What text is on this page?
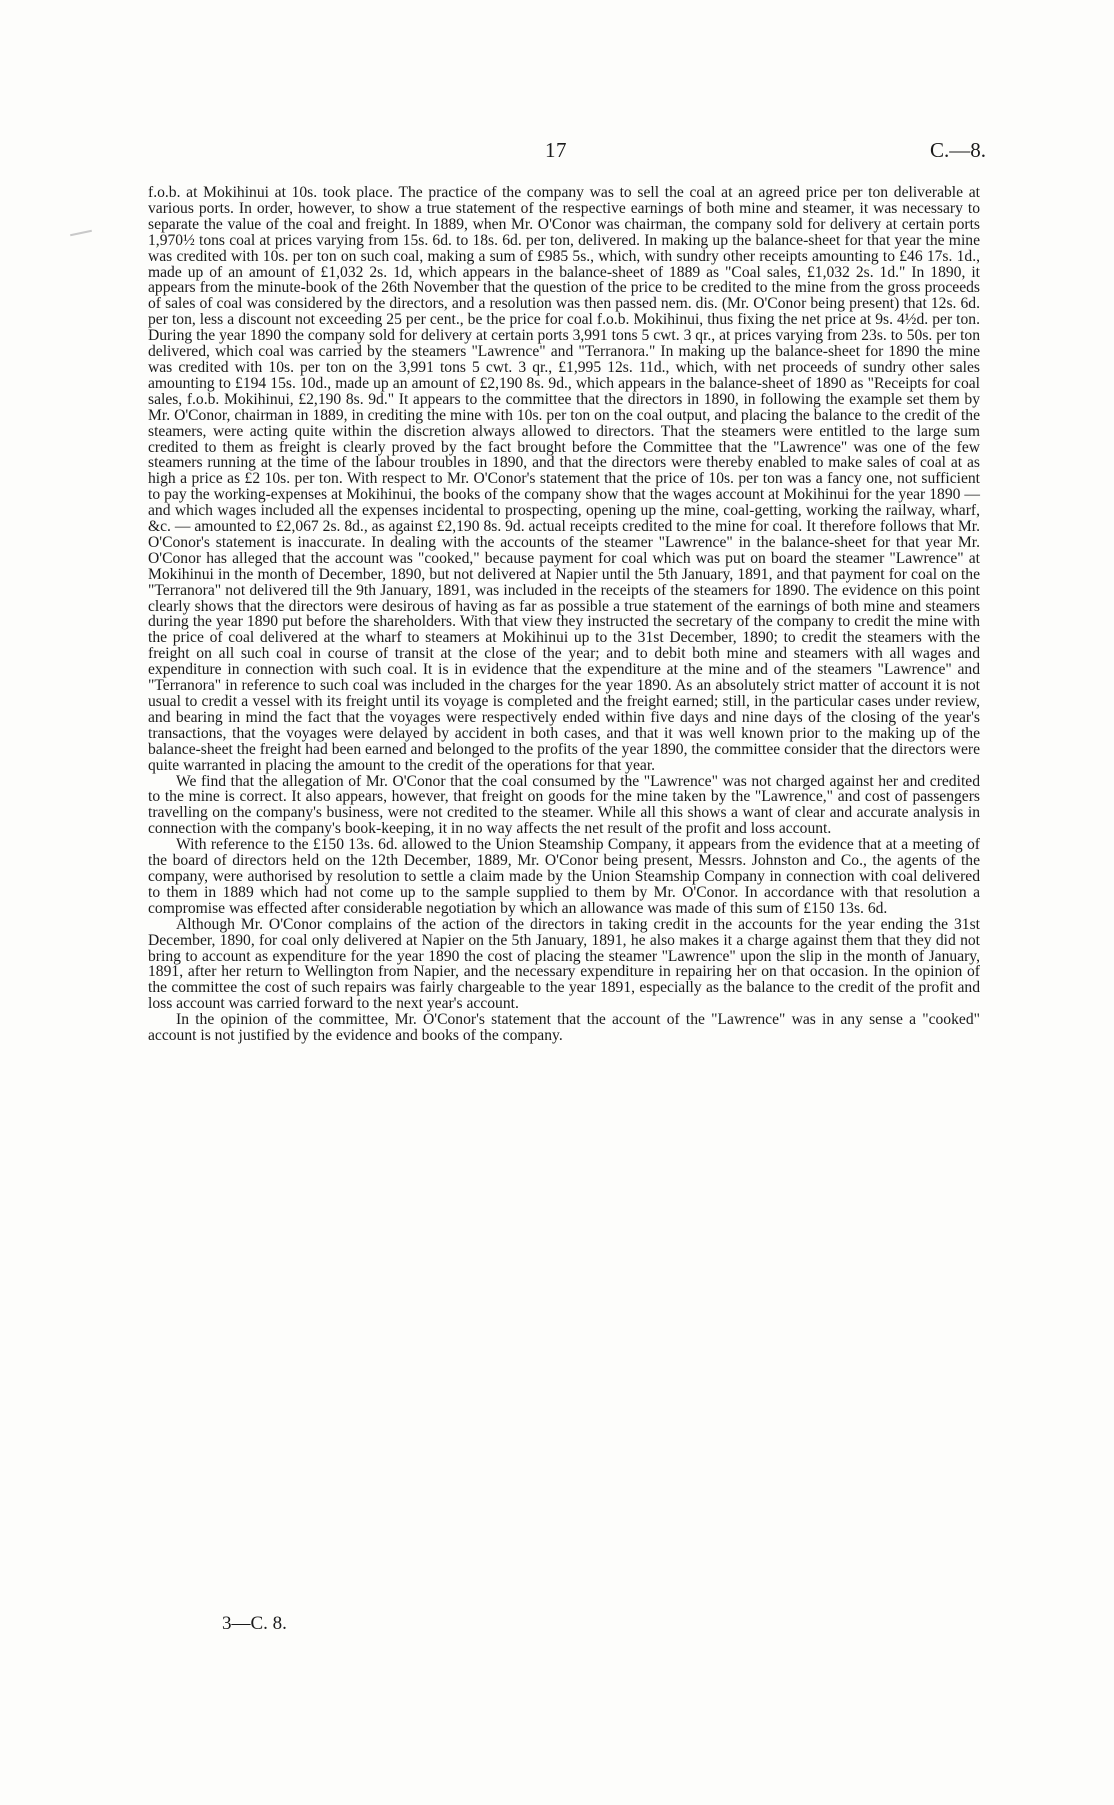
17	C.—8.

f.o.b. at Mokihinui at 10s. took place. The practice of the company was to sell the coal at an agreed price per ton deliverable at various ports. In order, however, to show a true statement of the respective earnings of both mine and steamer, it was necessary to separate the value of the coal and freight. In 1889, when Mr. O'Conor was chairman, the company sold for delivery at certain ports 1,970½ tons coal at prices varying from 15s. 6d. to 18s. 6d. per ton, delivered. In making up the balance-sheet for that year the mine was credited with 10s. per ton on such coal, making a sum of £985 5s., which, with sundry other receipts amounting to £46 17s. 1d., made up of an amount of £1,032 2s. 1d, which appears in the balance-sheet of 1889 as "Coal sales, £1,032 2s. 1d." In 1890, it appears from the minute-book of the 26th November that the question of the price to be credited to the mine from the gross proceeds of sales of coal was considered by the directors, and a resolution was then passed nem. dis. (Mr. O'Conor being present) that 12s. 6d. per ton, less a discount not exceeding 25 per cent., be the price for coal f.o.b. Mokihinui, thus fixing the net price at 9s. 4½d. per ton. During the year 1890 the company sold for delivery at certain ports 3,991 tons 5 cwt. 3 qr., at prices varying from 23s. to 50s. per ton delivered, which coal was carried by the steamers "Lawrence" and "Terranora." In making up the balance-sheet for 1890 the mine was credited with 10s. per ton on the 3,991 tons 5 cwt. 3 qr., £1,995 12s. 11d., which, with net proceeds of sundry other sales amounting to £194 15s. 10d., made up an amount of £2,190 8s. 9d., which appears in the balance-sheet of 1890 as "Receipts for coal sales, f.o.b. Mokihinui, £2,190 8s. 9d." It appears to the committee that the directors in 1890, in following the example set them by Mr. O'Conor, chairman in 1889, in crediting the mine with 10s. per ton on the coal output, and placing the balance to the credit of the steamers, were acting quite within the discretion always allowed to directors. That the steamers were entitled to the large sum credited to them as freight is clearly proved by the fact brought before the Committee that the "Lawrence" was one of the few steamers running at the time of the labour troubles in 1890, and that the directors were thereby enabled to make sales of coal at as high a price as £2 10s. per ton. With respect to Mr. O'Conor's statement that the price of 10s. per ton was a fancy one, not sufficient to pay the working-expenses at Mokihinui, the books of the company show that the wages account at Mokihinui for the year 1890 — and which wages included all the expenses incidental to prospecting, opening up the mine, coal-getting, working the railway, wharf, &c. — amounted to £2,067 2s. 8d., as against £2,190 8s. 9d. actual receipts credited to the mine for coal. It therefore follows that Mr. O'Conor's statement is inaccurate. In dealing with the accounts of the steamer "Lawrence" in the balance-sheet for that year Mr. O'Conor has alleged that the account was "cooked," because payment for coal which was put on board the steamer "Lawrence" at Mokihinui in the month of December, 1890, but not delivered at Napier until the 5th January, 1891, and that payment for coal on the "Terranora" not delivered till the 9th January, 1891, was included in the receipts of the steamers for 1890. The evidence on this point clearly shows that the directors were desirous of having as far as possible a true statement of the earnings of both mine and steamers during the year 1890 put before the shareholders. With that view they instructed the secretary of the company to credit the mine with the price of coal delivered at the wharf to steamers at Mokihinui up to the 31st December, 1890; to credit the steamers with the freight on all such coal in course of transit at the close of the year; and to debit both mine and steamers with all wages and expenditure in connection with such coal. It is in evidence that the expenditure at the mine and of the steamers "Lawrence" and "Terranora" in reference to such coal was included in the charges for the year 1890. As an absolutely strict matter of account it is not usual to credit a vessel with its freight until its voyage is completed and the freight earned; still, in the particular cases under review, and bearing in mind the fact that the voyages were respectively ended within five days and nine days of the closing of the year's transactions, that the voyages were delayed by accident in both cases, and that it was well known prior to the making up of the balance-sheet the freight had been earned and belonged to the profits of the year 1890, the committee consider that the directors were quite warranted in placing the amount to the credit of the operations for that year.

We find that the allegation of Mr. O'Conor that the coal consumed by the "Lawrence" was not charged against her and credited to the mine is correct. It also appears, however, that freight on goods for the mine taken by the "Lawrence," and cost of passengers travelling on the company's business, were not credited to the steamer. While all this shows a want of clear and accurate analysis in connection with the company's book-keeping, it in no way affects the net result of the profit and loss account.

With reference to the £150 13s. 6d. allowed to the Union Steamship Company, it appears from the evidence that at a meeting of the board of directors held on the 12th December, 1889, Mr. O'Conor being present, Messrs. Johnston and Co., the agents of the company, were authorised by resolution to settle a claim made by the Union Steamship Company in connection with coal delivered to them in 1889 which had not come up to the sample supplied to them by Mr. O'Conor. In accordance with that resolution a compromise was effected after considerable negotiation by which an allowance was made of this sum of £150 13s. 6d.

Although Mr. O'Conor complains of the action of the directors in taking credit in the accounts for the year ending the 31st December, 1890, for coal only delivered at Napier on the 5th January, 1891, he also makes it a charge against them that they did not bring to account as expenditure for the year 1890 the cost of placing the steamer "Lawrence" upon the slip in the month of January, 1891, after her return to Wellington from Napier, and the necessary expenditure in repairing her on that occasion. In the opinion of the committee the cost of such repairs was fairly chargeable to the year 1891, especially as the balance to the credit of the profit and loss account was carried forward to the next year's account.

In the opinion of the committee, Mr. O'Conor's statement that the account of the "Lawrence" was in any sense a "cooked" account is not justified by the evidence and books of the company.

3—C. 8.
